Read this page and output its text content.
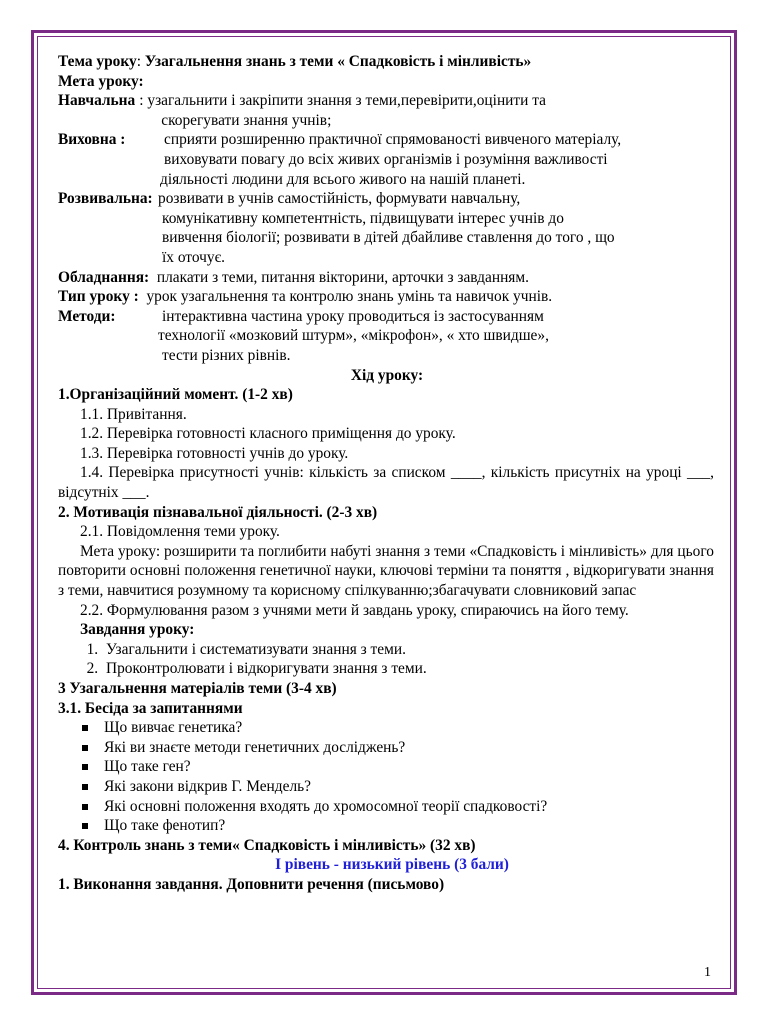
Тема уроку: Узагальнення знань з теми « Спадковість і мінливість»
Мета уроку:
Навчальна : узагальнити і закріпити знання з теми,перевірити,оцінити та
скорегувати знання учнів;
Виховна :	сприяти розширенню практичної спрямованості вивченого матеріалу,
виховувати повагу до всіх живих організмів і розуміння важливості
діяльності людини для всього живого на нашій планеті.
Розвивальна: розвивати в учнів самостійність, формувати навчальну,
комунікативну компетентність, підвищувати інтерес учнів до
вивчення біології; розвивати в дітей дбайливе ставлення до того , що
їх оточує.
Обладнання: плакати з теми, питання вікторини, арточки з завданням.
Тип уроку : урок узагальнення та контролю знань умінь та навичок учнів.
Методи:	інтерактивна частина уроку проводиться із застосуванням
технології «мозковий штурм», «мікрофон», « хто швидше»,
тести різних рівнів.
Хід уроку:
1.Організаційний момент. (1-2 хв)
1.1. Привітання.
1.2. Перевірка готовності класного приміщення до уроку.
1.3. Перевірка готовності учнів до уроку.
1.4. Перевірка присутності учнів: кількість за списком ____, кількість присутніх на уроці ___, відсутніх ___.
2. Мотивація пізнавальної діяльності. (2-3 хв)
2.1. Повідомлення теми уроку.
Мета уроку: розширити та поглибити набуті знання з теми «Спадковість і мінливість» для цього повторити основні положення генетичної науки, ключові терміни та поняття , відкоригувати знання з теми, навчитися розумному та корисному спілкуванню;збагачувати словниковий запас
2.2. Формулювання разом з учнями мети й завдань уроку, спираючись на його тему.
Завдання уроку:
1. Узагальнити і систематизувати знання з теми.
2. Проконтролювати і відкоригувати знання з теми.
3 Узагальнення матеріалів теми (3-4 хв)
3.1. Бесіда за запитаннями
Що вивчає генетика?
Які ви знаєте методи генетичних досліджень?
Що таке ген?
Які закони відкрив Г. Мендель?
Які основні положення входять до хромосомної теорії спадковості?
Що таке фенотип?
4. Контроль знань з теми« Спадковість і мінливість» (32 хв)
І рівень - низький рівень (3 бали)
1. Виконання завдання. Доповнити речення (письмово)
1
